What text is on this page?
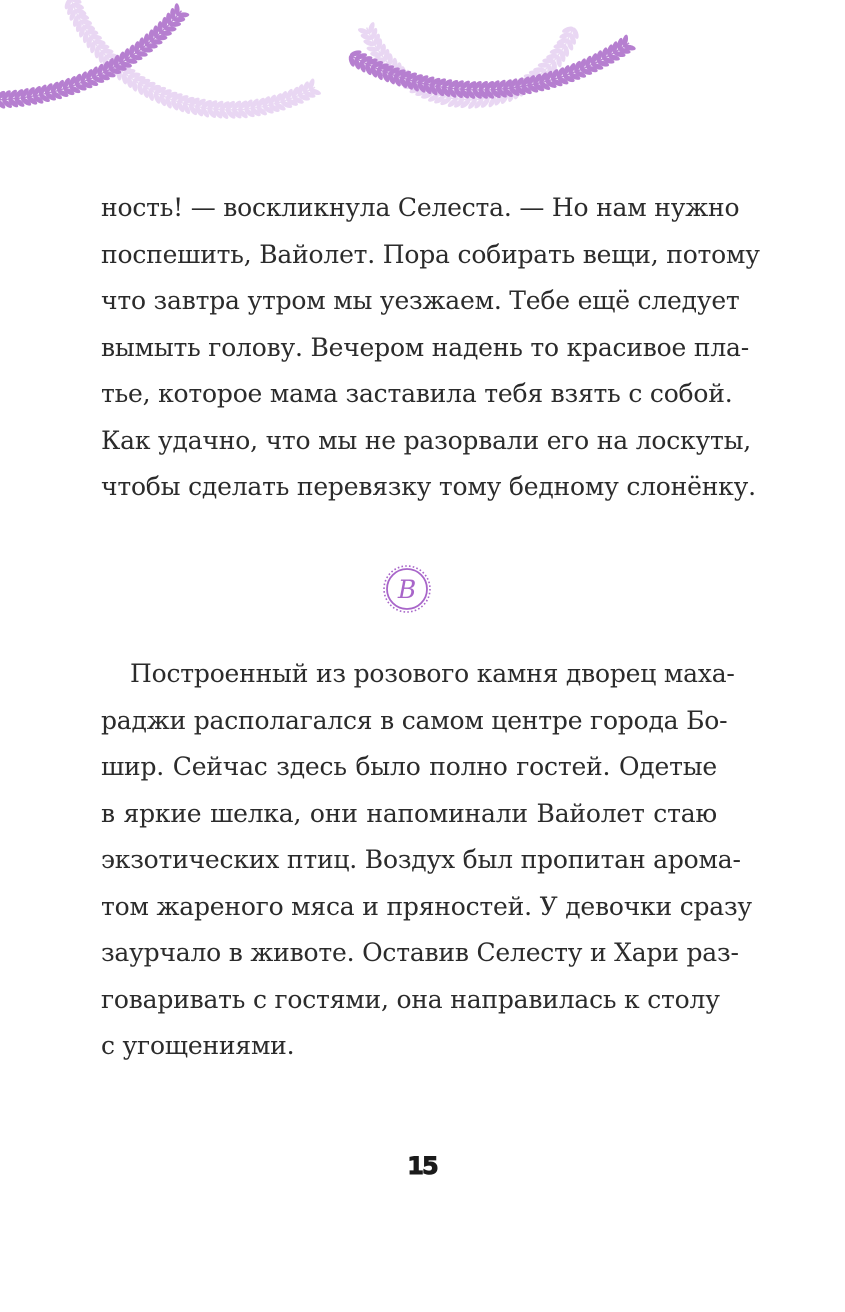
ность! — воскликнула Селеста. — Но нам нужно
поспешить, Вайолет. Пора собирать вещи, потому
что завтра утром мы уезжаем. Тебе ещё следует
вымыть голову. Вечером надень то красивое пла-
тье, которое мама заставила тебя взять с собой.
Как удачно, что мы не разорвали его на лоскуты,
чтобы сделать перевязку тому бедному слонёнку.
B
Построенный из розового камня дворец маха-
раджи располагался в самом центре города Бо-
шир. Сейчас здесь было полно гостей. Одетые
в яркие шелка, они напоминали Вайолет стаю
экзотических птиц. Воздух был пропитан арома-
том жареного мяса и пряностей. У девочки сразу
заурчало в животе. Оставив Селесту и Хари раз-
говаривать с гостями, она направилась к столу
с угощениями.
15
